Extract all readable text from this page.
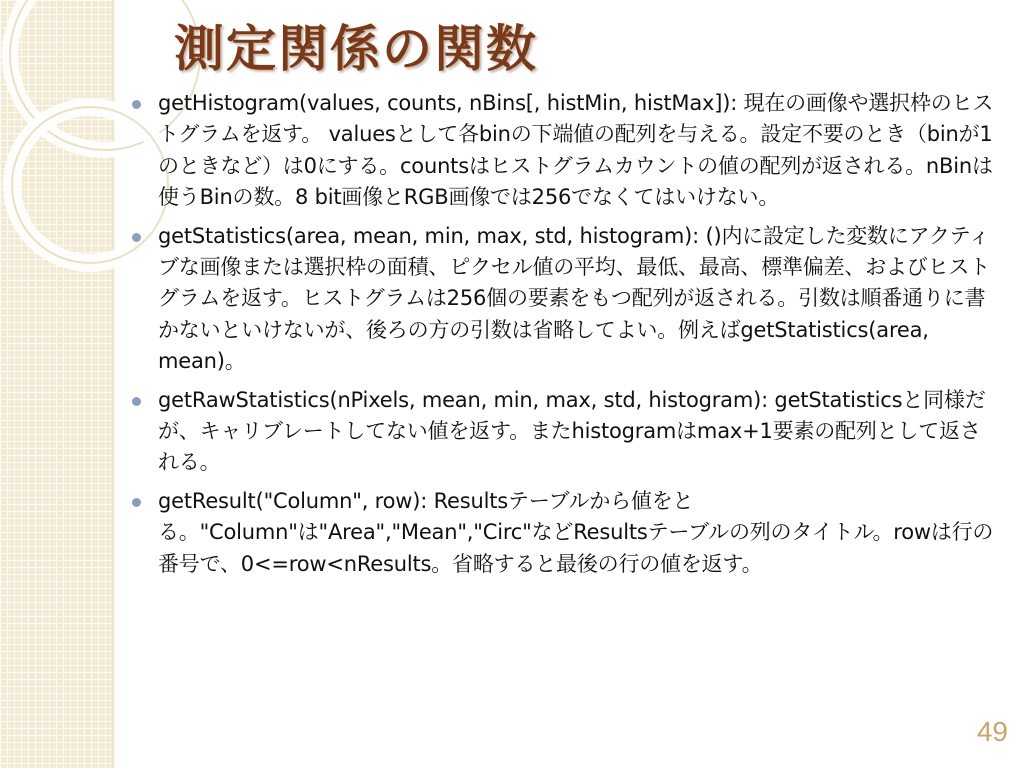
測定関係の関数
getHistogram(values, counts, nBins[, histMin, histMax]): 現在の画像や選択枠のヒストグラムを返す。 valuesとして各binの下端値の配列を与える。設定不要のとき（binが1のときなど）は0にする。countsはヒストグラムカウントの値の配列が返される。nBinは使うBinの数。8 bit画像とRGB画像では256でなくてはいけない。
getStatistics(area, mean, min, max, std, histogram): ()内に設定した変数にアクティブな画像または選択枠の面積、ピクセル値の平均、最低、最高、標準偏差、およびヒストグラムを返す。ヒストグラムは256個の要素をもつ配列が返される。引数は順番通りに書かないといけないが、後ろの方の引数は省略してよい。例えばgetStatistics(area, mean)。
getRawStatistics(nPixels, mean, min, max, std, histogram): getStatisticsと同様だが、キャリブレートしてない値を返す。またhistogramはmax+1要素の配列として返される。
getResult("Column", row): Resultsテーブルから値をとる。"Column"は"Area","Mean","Circ"などResultsテーブルの列のタイトル。rowは行の番号で、0<=row<nResults。省略すると最後の行の値を返す。
49
